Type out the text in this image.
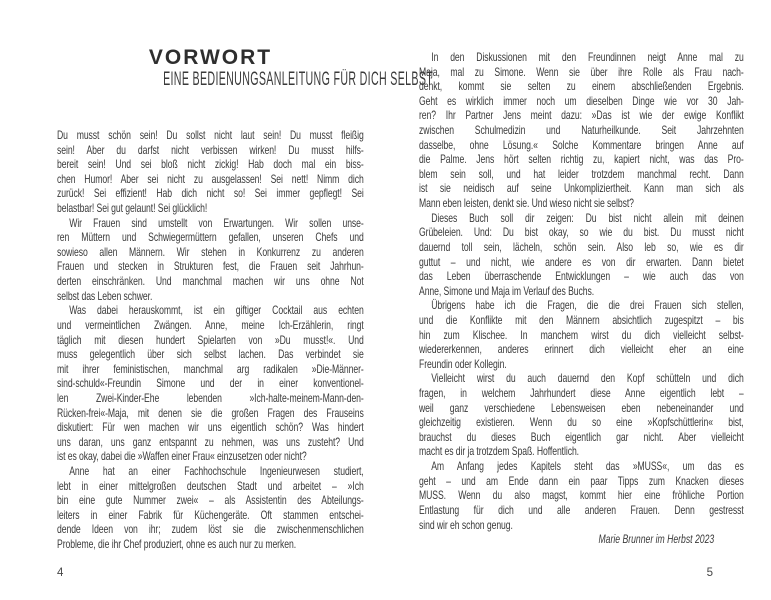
VORWORT
EINE BEDIENUNGSANLEITUNG FÜR DICH SELBST
Du musst schön sein! Du sollst nicht laut sein! Du musst fleißig
sein! Aber du darfst nicht verbissen wirken! Du musst hilfs-
bereit sein! Und sei bloß nicht zickig! Hab doch mal ein biss-
chen Humor! Aber sei nicht zu ausgelassen! Sei nett! Nimm dich
zurück! Sei effizient! Hab dich nicht so! Sei immer gepflegt! Sei
belastbar! Sei gut gelaunt! Sei glücklich!
Wir Frauen sind umstellt von Erwartungen. Wir sollen unse-
ren Müttern und Schwiegermüttern gefallen, unseren Chefs und
sowieso allen Männern. Wir stehen in Konkurrenz zu anderen
Frauen und stecken in Strukturen fest, die Frauen seit Jahrhun-
derten einschränken. Und manchmal machen wir uns ohne Not
selbst das Leben schwer.
Was dabei herauskommt, ist ein giftiger Cocktail aus echten
und vermeintlichen Zwängen. Anne, meine Ich-Erzählerin, ringt
täglich mit diesen hundert Spielarten von »Du musst!«. Und
muss gelegentlich über sich selbst lachen. Das verbindet sie
mit ihrer feministischen, manchmal arg radikalen »Die-Männer-
sind-schuld«-Freundin Simone und der in einer konventionel-
len Zwei-Kinder-Ehe lebenden »Ich-halte-meinem-Mann-den-
Rücken-frei«-Maja, mit denen sie die großen Fragen des Frauseins
diskutiert: Für wen machen wir uns eigentlich schön? Was hindert
uns daran, uns ganz entspannt zu nehmen, was uns zusteht? Und
ist es okay, dabei die »Waffen einer Frau« einzusetzen oder nicht?
Anne hat an einer Fachhochschule Ingenieurwesen studiert,
lebt in einer mittelgroßen deutschen Stadt und arbeitet – »Ich
bin eine gute Nummer zwei« – als Assistentin des Abteilungs-
leiters in einer Fabrik für Küchengeräte. Oft stammen entschei-
dende Ideen von ihr; zudem löst sie die zwischenmenschlichen
Probleme, die ihr Chef produziert, ohne es auch nur zu merken.
4
In den Diskussionen mit den Freundinnen neigt Anne mal zu
Maja, mal zu Simone. Wenn sie über ihre Rolle als Frau nach-
denkt, kommt sie selten zu einem abschließenden Ergebnis.
Geht es wirklich immer noch um dieselben Dinge wie vor 30 Jah-
ren? Ihr Partner Jens meint dazu: »Das ist wie der ewige Konflikt
zwischen Schulmedizin und Naturheilkunde. Seit Jahrzehnten
dasselbe, ohne Lösung.« Solche Kommentare bringen Anne auf
die Palme. Jens hört selten richtig zu, kapiert nicht, was das Pro-
blem sein soll, und hat leider trotzdem manchmal recht. Dann
ist sie neidisch auf seine Unkompliziertheit. Kann man sich als
Mann eben leisten, denkt sie. Und wieso nicht sie selbst?
Dieses Buch soll dir zeigen: Du bist nicht allein mit deinen
Grübeleien. Und: Du bist okay, so wie du bist. Du musst nicht
dauernd toll sein, lächeln, schön sein. Also leb so, wie es dir
guttut – und nicht, wie andere es von dir erwarten. Dann bietet
das Leben überraschende Entwicklungen – wie auch das von
Anne, Simone und Maja im Verlauf des Buchs.
Übrigens habe ich die Fragen, die die drei Frauen sich stellen,
und die Konflikte mit den Männern absichtlich zugespitzt – bis
hin zum Klischee. In manchem wirst du dich vielleicht selbst-
wiedererkennen, anderes erinnert dich vielleicht eher an eine
Freundin oder Kollegin.
Vielleicht wirst du auch dauernd den Kopf schütteln und dich
fragen, in welchem Jahrhundert diese Anne eigentlich lebt –
weil ganz verschiedene Lebensweisen eben nebeneinander und
gleichzeitig existieren. Wenn du so eine »Kopfschüttlerin« bist,
brauchst du dieses Buch eigentlich gar nicht. Aber vielleicht
macht es dir ja trotzdem Spaß. Hoffentlich.
Am Anfang jedes Kapitels steht das »MUSS«, um das es
geht – und am Ende dann ein paar Tipps zum Knacken dieses
MUSS. Wenn du also magst, kommt hier eine fröhliche Portion
Entlastung für dich und alle anderen Frauen. Denn gestresst
sind wir eh schon genug.
Marie Brunner im Herbst 2023
5
